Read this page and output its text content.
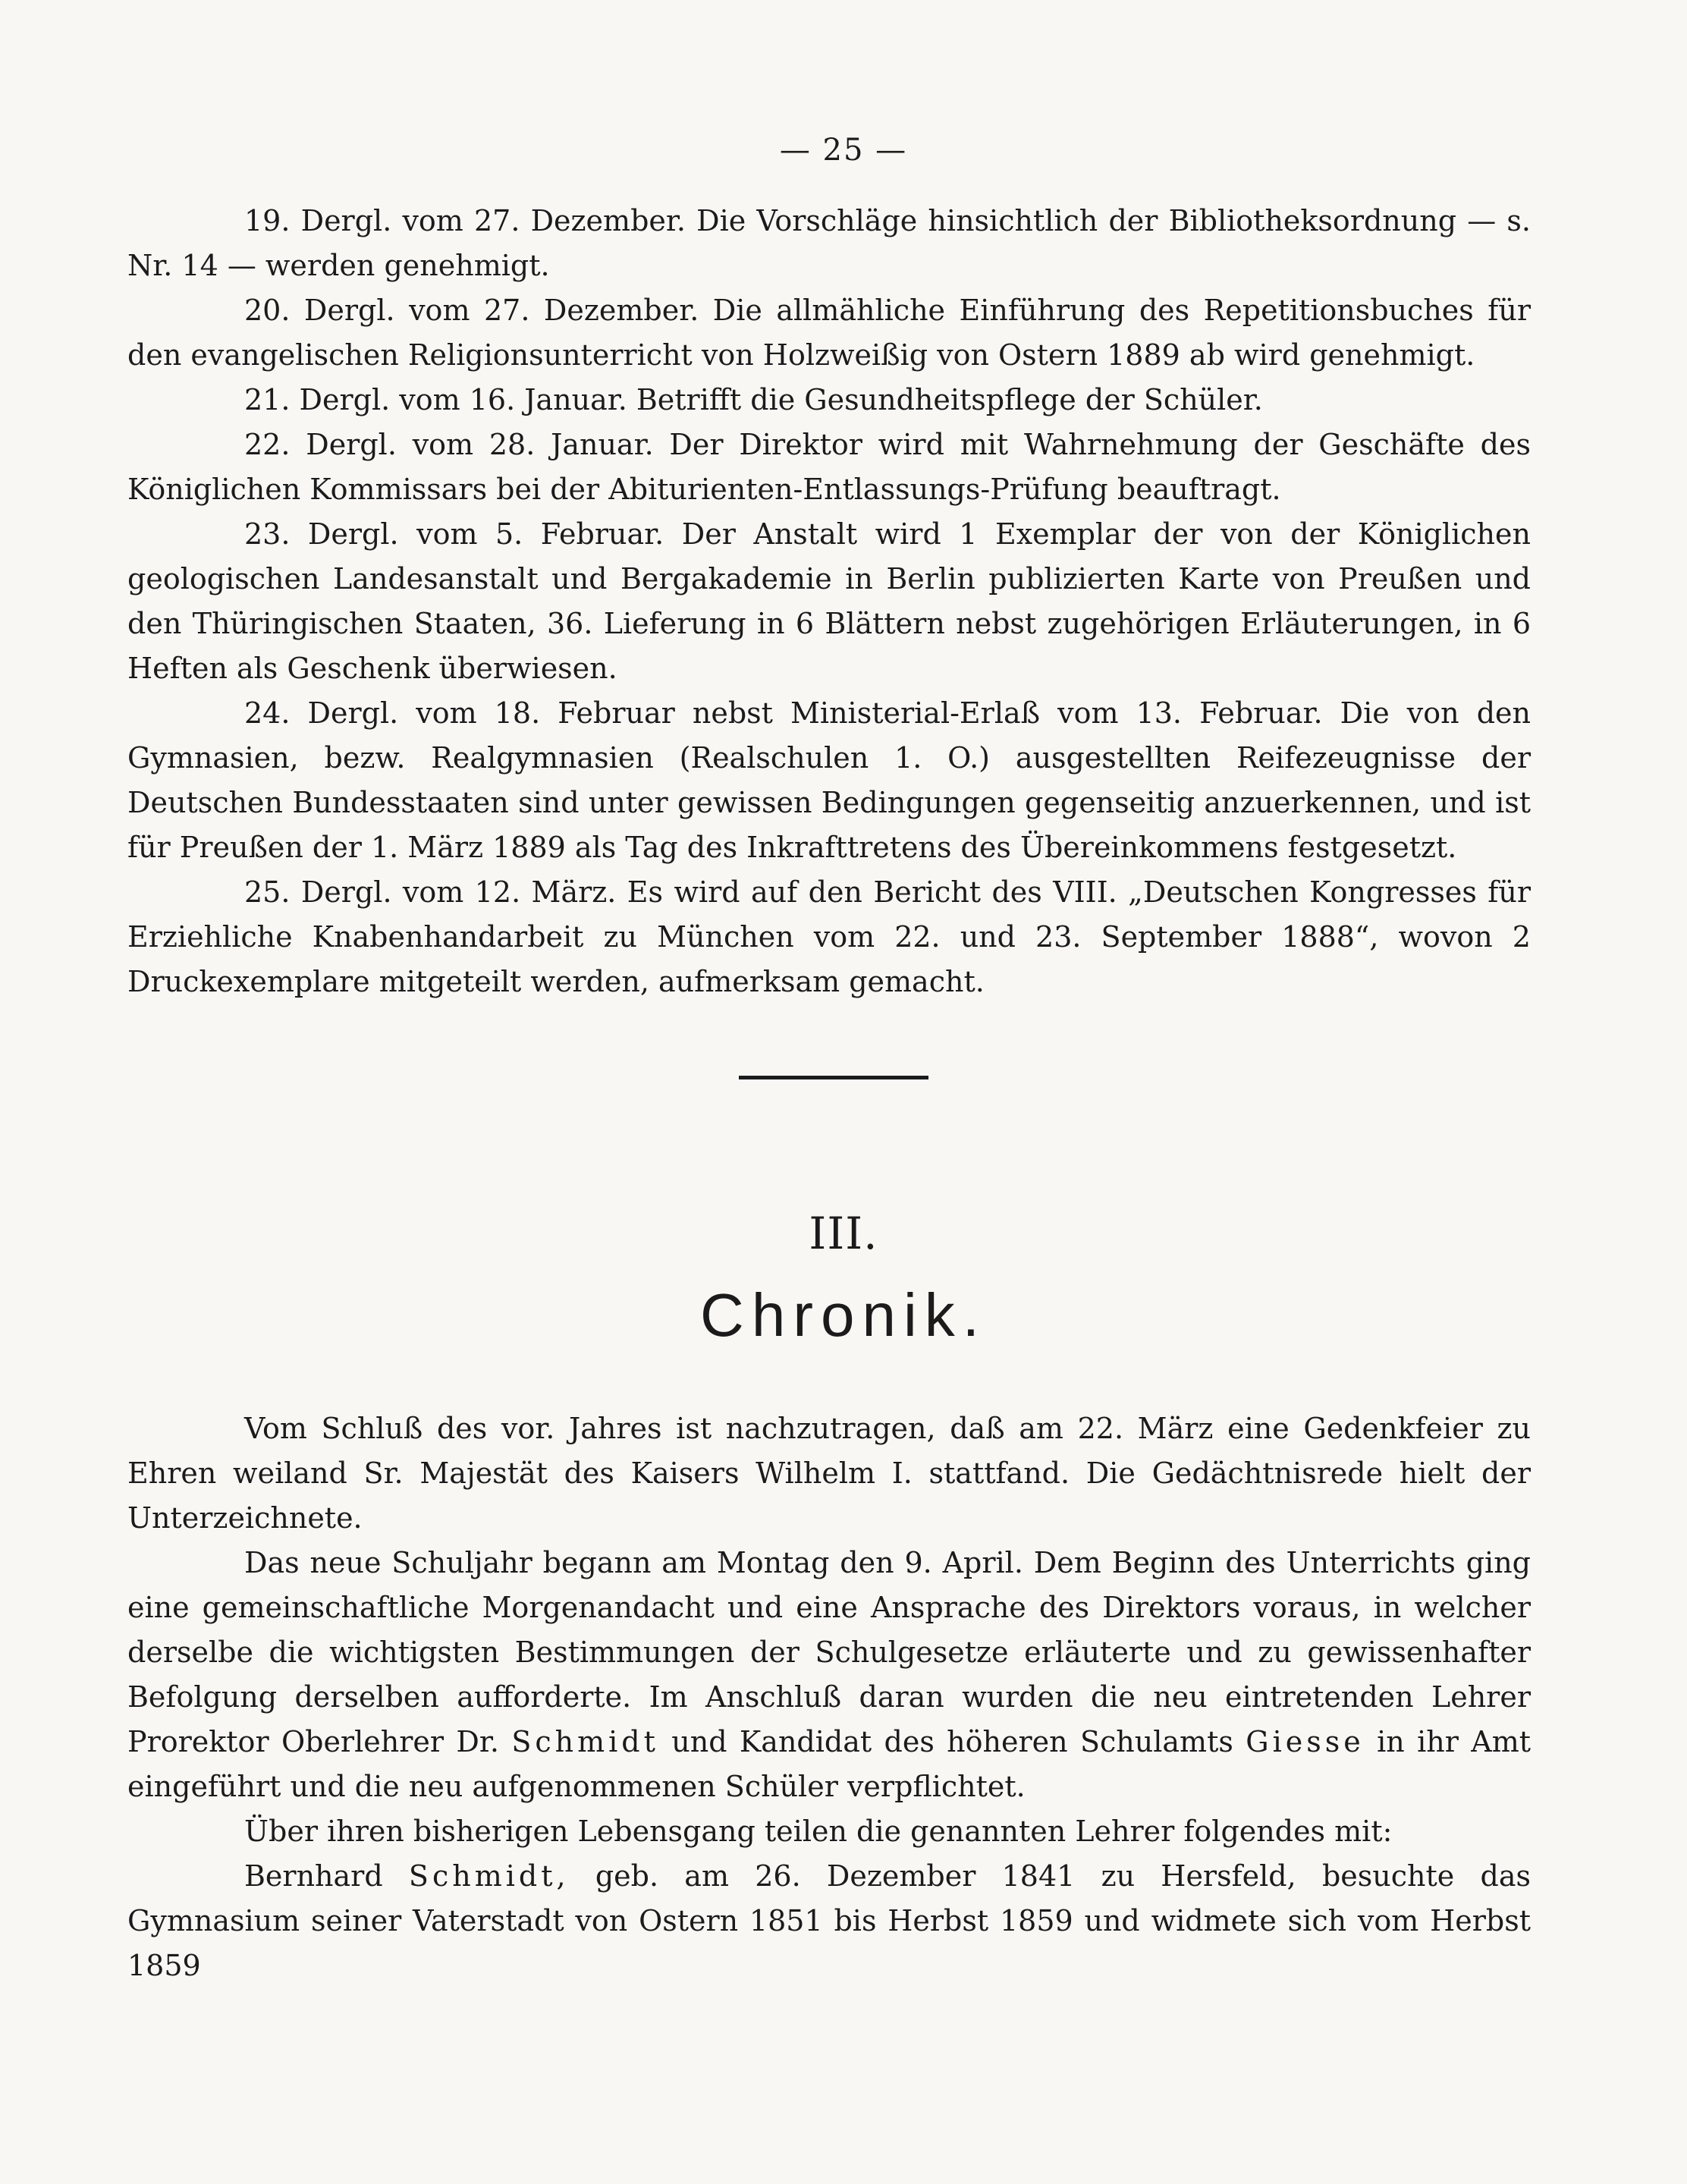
— 25 —

19. Dergl. vom 27. Dezember. Die Vorschläge hinsichtlich der Bibliotheksordnung — s. Nr. 14 — werden genehmigt.

20. Dergl. vom 27. Dezember. Die allmähliche Einführung des Repetitionsbuches für den evangelischen Religionsunterricht von Holzweißig von Ostern 1889 ab wird genehmigt.

21. Dergl. vom 16. Januar. Betrifft die Gesundheitspflege der Schüler.

22. Dergl. vom 28. Januar. Der Direktor wird mit Wahrnehmung der Geschäfte des Königlichen Kommissars bei der Abiturienten-Entlassungs-Prüfung beauftragt.

23. Dergl. vom 5. Februar. Der Anstalt wird 1 Exemplar der von der Königlichen geologischen Landesanstalt und Bergakademie in Berlin publizierten Karte von Preußen und den Thüringischen Staaten, 36. Lieferung in 6 Blättern nebst zugehörigen Erläuterungen, in 6 Heften als Geschenk überwiesen.

24. Dergl. vom 18. Februar nebst Ministerial-Erlaß vom 13. Februar. Die von den Gymnasien, bezw. Realgymnasien (Realschulen 1. O.) ausgestellten Reifezeugnisse der Deutschen Bundesstaaten sind unter gewissen Bedingungen gegenseitig anzuerkennen, und ist für Preußen der 1. März 1889 als Tag des Inkrafttretens des Übereinkommens festgesetzt.

25. Dergl. vom 12. März. Es wird auf den Bericht des VIII. „Deutschen Kongresses für Erziehliche Knabenhandarbeit zu München vom 22. und 23. September 1888“, wovon 2 Druckexemplare mitgeteilt werden, aufmerksam gemacht.

III.
Chronik.

Vom Schluß des vor. Jahres ist nachzutragen, daß am 22. März eine Gedenkfeier zu Ehren weiland Sr. Majestät des Kaisers Wilhelm I. stattfand. Die Gedächtnisrede hielt der Unterzeichnete.

Das neue Schuljahr begann am Montag den 9. April. Dem Beginn des Unterrichts ging eine gemeinschaftliche Morgenandacht und eine Ansprache des Direktors voraus, in welcher derselbe die wichtigsten Bestimmungen der Schulgesetze erläuterte und zu gewissenhafter Befolgung derselben aufforderte. Im Anschluß daran wurden die neu eintretenden Lehrer Prorektor Oberlehrer Dr. Schmidt und Kandidat des höheren Schulamts Giesse in ihr Amt eingeführt und die neu aufgenommenen Schüler verpflichtet.

Über ihren bisherigen Lebensgang teilen die genannten Lehrer folgendes mit:

Bernhard Schmidt, geb. am 26. Dezember 1841 zu Hersfeld, besuchte das Gymnasium seiner Vaterstadt von Ostern 1851 bis Herbst 1859 und widmete sich vom Herbst 1859
